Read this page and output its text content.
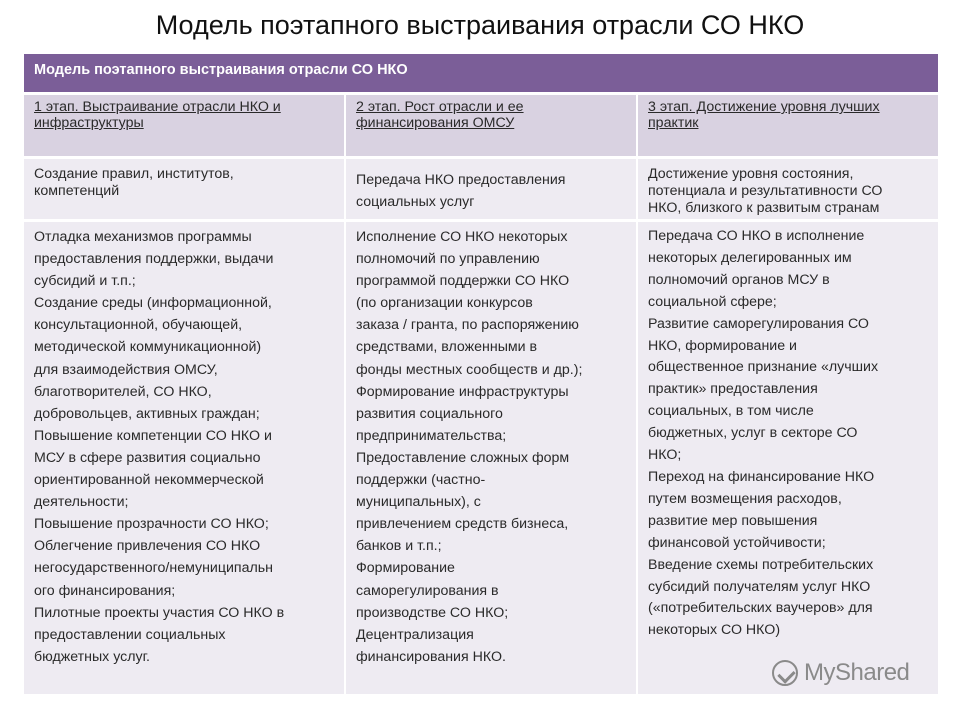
Модель поэтапного выстраивания отрасли СО НКО
Модель поэтапного выстраивания отрасли СО НКО
1 этап. Выстраивание отрасли НКО и
инфраструктуры
2 этап. Рост отрасли и ее
финансирования ОМСУ
3 этап. Достижение уровня лучших
практик
Создание правил, институтов,
компетенций
Передача НКО предоставления
социальных услуг
Достижение уровня состояния,
потенциала и результативности СО
НКО, близкого к развитым странам
Отладка механизмов программы
предоставления поддержки, выдачи
субсидий и т.п.;
Создание среды (информационной,
консультационной, обучающей,
методической коммуникационной)
для взаимодействия ОМСУ,
благотворителей, СО НКО,
добровольцев, активных граждан;
Повышение компетенции СО НКО и
МСУ в сфере развития социально
ориентированной некоммерческой
деятельности;
Повышение прозрачности СО НКО;
Облегчение привлечения СО НКО
негосударственного/немуниципальн
ого финансирования;
Пилотные проекты участия СО НКО в
предоставлении социальных
бюджетных услуг.
Исполнение СО НКО некоторых
полномочий по управлению
программой поддержки СО НКО
(по организации конкурсов
заказа / гранта, по распоряжению
средствами, вложенными в
фонды местных сообществ и др.);
Формирование инфраструктуры
развития социального
предпринимательства;
Предоставление сложных форм
поддержки (частно-
муниципальных), с
привлечением средств бизнеса,
банков и т.п.;
Формирование
саморегулирования в
производстве СО НКО;
Децентрализация
финансирования НКО.
Передача СО НКО в исполнение
некоторых делегированных им
полномочий органов МСУ в
социальной сфере;
Развитие саморегулирования СО
НКО, формирование и
общественное признание «лучших
практик» предоставления
социальных, в том числе
бюджетных, услуг в секторе СО
НКО;
Переход на финансирование НКО
путем возмещения расходов,
развитие мер повышения
финансовой устойчивости;
Введение схемы потребительских
субсидий получателям услуг НКО
(«потребительских ваучеров» для
некоторых СО НКО)
MyShared
